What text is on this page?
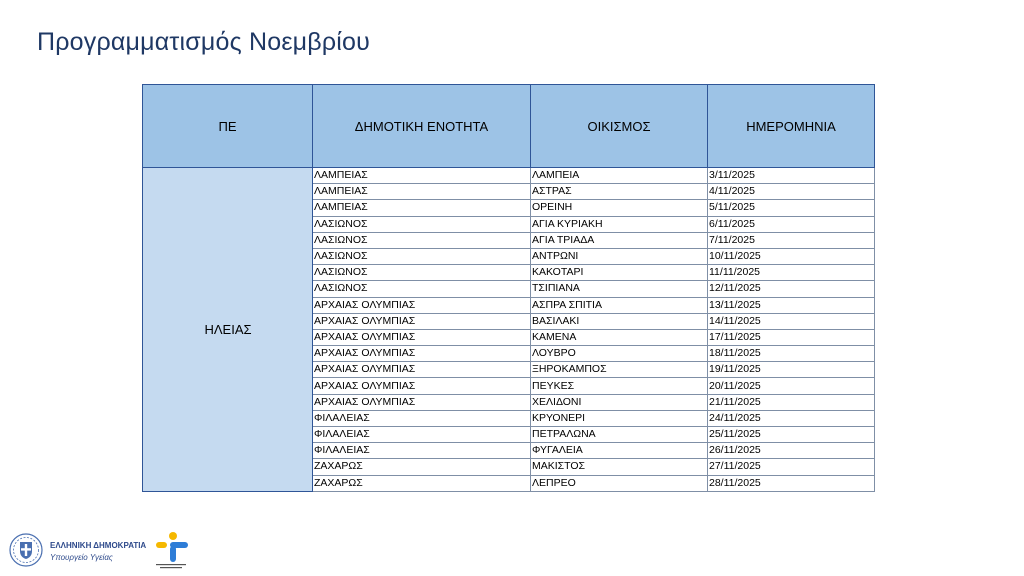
Προγραμματισμός Νοεμβρίου
ΠΕ	ΔΗΜΟΤΙΚΗ ΕΝΟΤΗΤΑ	ΟΙΚΙΣΜΟΣ	ΗΜΕΡΟΜΗΝΙΑ
ΗΛΕΙΑΣ	ΛΑΜΠΕΙΑΣ	ΛΑΜΠΕΙΑ	3/11/2025
	ΛΑΜΠΕΙΑΣ	ΑΣΤΡΑΣ	4/11/2025
	ΛΑΜΠΕΙΑΣ	ΟΡΕΙΝΗ	5/11/2025
	ΛΑΣΙΩΝΟΣ	ΑΓΙΑ ΚΥΡΙΑΚΗ	6/11/2025
	ΛΑΣΙΩΝΟΣ	ΑΓΙΑ ΤΡΙΑΔΑ	7/11/2025
	ΛΑΣΙΩΝΟΣ	ΑΝΤΡΩΝΙ	10/11/2025
	ΛΑΣΙΩΝΟΣ	ΚΑΚΟΤΑΡΙ	11/11/2025
	ΛΑΣΙΩΝΟΣ	ΤΣΙΠΙΑΝΑ	12/11/2025
	ΑΡΧΑΙΑΣ ΟΛΥΜΠΙΑΣ	ΑΣΠΡΑ ΣΠΙΤΙΑ	13/11/2025
	ΑΡΧΑΙΑΣ ΟΛΥΜΠΙΑΣ	ΒΑΣΙΛΑΚΙ	14/11/2025
	ΑΡΧΑΙΑΣ ΟΛΥΜΠΙΑΣ	ΚΑΜΕΝΑ	17/11/2025
	ΑΡΧΑΙΑΣ ΟΛΥΜΠΙΑΣ	ΛΟΥΒΡΟ	18/11/2025
	ΑΡΧΑΙΑΣ ΟΛΥΜΠΙΑΣ	ΞΗΡΟΚΑΜΠΟΣ	19/11/2025
	ΑΡΧΑΙΑΣ ΟΛΥΜΠΙΑΣ	ΠΕΥΚΕΣ	20/11/2025
	ΑΡΧΑΙΑΣ ΟΛΥΜΠΙΑΣ	ΧΕΛΙΔΟΝΙ	21/11/2025
	ΦΙΛΑΛΕΙΑΣ	ΚΡΥΟΝΕΡΙ	24/11/2025
	ΦΙΛΑΛΕΙΑΣ	ΠΕΤΡΑΛΩΝΑ	25/11/2025
	ΦΙΛΑΛΕΙΑΣ	ΦΥΓΑΛΕΙΑ	26/11/2025
	ΖΑΧΑΡΩΣ	ΜΑΚΙΣΤΟΣ	27/11/2025
	ΖΑΧΑΡΩΣ	ΛΕΠΡΕΟ	28/11/2025
ΕΛΛΗΝΙΚΗ ΔΗΜΟΚΡΑΤΙΑ
Υπουργείο Υγείας
